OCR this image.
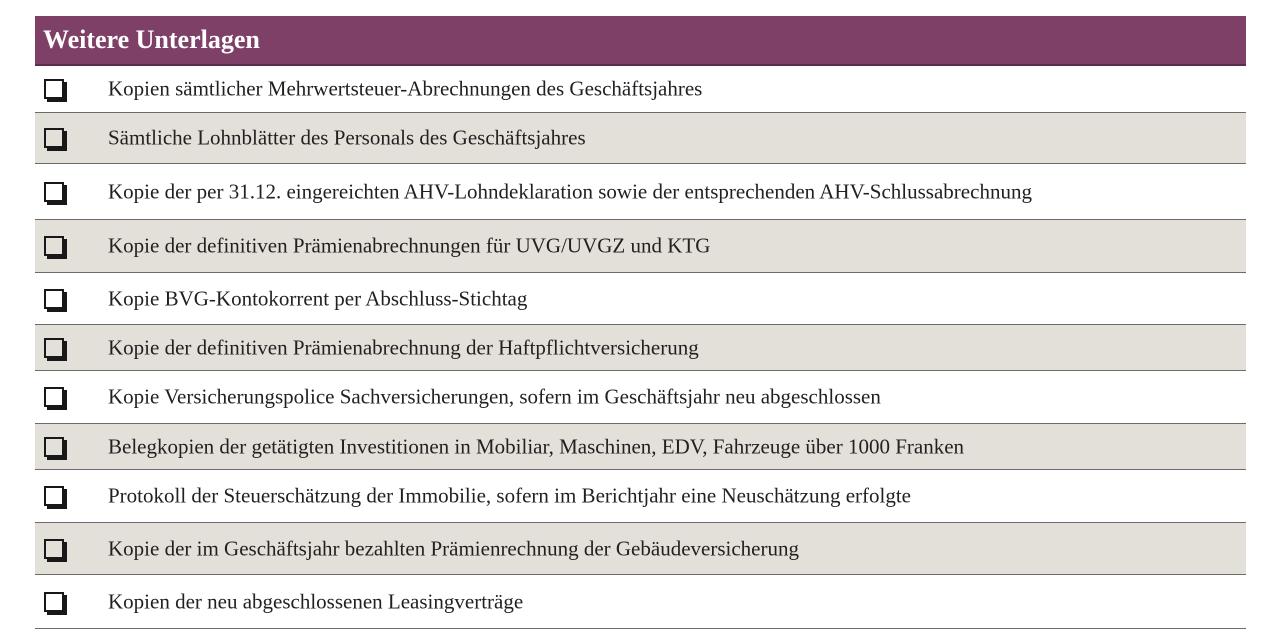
Weitere Unterlagen
Kopien sämtlicher Mehrwertsteuer-Abrechnungen des Geschäftsjahres
Sämtliche Lohnblätter des Personals des Geschäftsjahres
Kopie der per 31.12. eingereichten AHV-Lohndeklaration sowie der entsprechenden AHV-Schlussabrechnung
Kopie der definitiven Prämienabrechnungen für UVG/UVGZ und KTG
Kopie BVG-Kontokorrent per Abschluss-Stichtag
Kopie der definitiven Prämienabrechnung der Haftpflichtversicherung
Kopie Versicherungspolice Sachversicherungen, sofern im Geschäftsjahr neu abgeschlossen
Belegkopien der getätigten Investitionen in Mobiliar, Maschinen, EDV, Fahrzeuge über 1000 Franken
Protokoll der Steuerschätzung der Immobilie, sofern im Berichtjahr eine Neuschätzung erfolgte
Kopie der im Geschäftsjahr bezahlten Prämienrechnung der Gebäudeversicherung
Kopien der neu abgeschlossenen Leasingverträge
